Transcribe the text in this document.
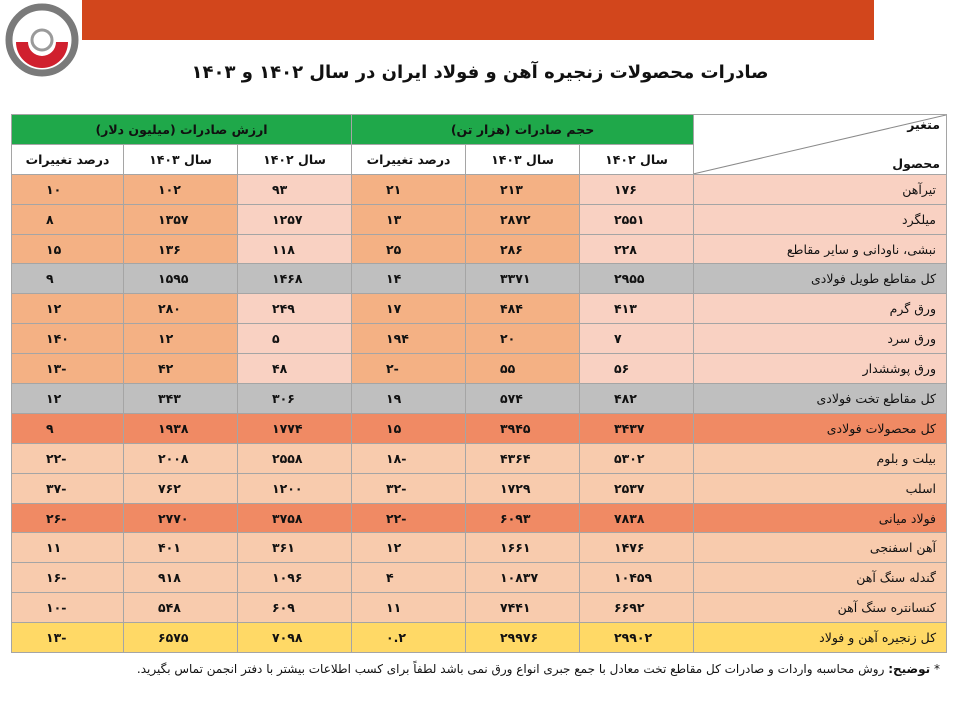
صادرات محصولات زنجیره آهن و فولاد ایران در سال ۱۴۰۲ و ۱۴۰۳
متغیر
محصول	حجم صادرات (هزار تن)			ارزش صادرات (میلیون دلار)		
	سال ۱۴۰۲	سال ۱۴۰۳	درصد تغییرات	سال ۱۴۰۲	سال ۱۴۰۳	درصد تغییرات
تیرآهن	۱۷۶	۲۱۳	۲۱	۹۳	۱۰۲	۱۰
میلگرد	۲۵۵۱	۲۸۷۲	۱۳	۱۲۵۷	۱۳۵۷	۸
نبشی، ناودانی و سایر مقاطع	۲۲۸	۲۸۶	۲۵	۱۱۸	۱۳۶	۱۵
کل مقاطع طویل فولادی	۲۹۵۵	۳۳۷۱	۱۴	۱۴۶۸	۱۵۹۵	۹
ورق گرم	۴۱۳	۴۸۴	۱۷	۲۴۹	۲۸۰	۱۲
ورق سرد	۷	۲۰	۱۹۴	۵	۱۲	۱۴۰
ورق پوششدار	۵۶	۵۵	-۲	۴۸	۴۲	-۱۳
کل مقاطع تخت فولادی	۴۸۲	۵۷۴	۱۹	۳۰۶	۳۴۳	۱۲
کل محصولات فولادی	۳۴۳۷	۳۹۴۵	۱۵	۱۷۷۴	۱۹۳۸	۹
بیلت و بلوم	۵۳۰۲	۴۳۶۴	-۱۸	۲۵۵۸	۲۰۰۸	-۲۲
اسلب	۲۵۳۷	۱۷۲۹	-۳۲	۱۲۰۰	۷۶۲	-۳۷
فولاد میانی	۷۸۳۸	۶۰۹۳	-۲۲	۳۷۵۸	۲۷۷۰	-۲۶
آهن اسفنجی	۱۴۷۶	۱۶۶۱	۱۲	۳۶۱	۴۰۱	۱۱
گندله سنگ آهن	۱۰۴۵۹	۱۰۸۳۷	۴	۱۰۹۶	۹۱۸	-۱۶
کنسانتره سنگ آهن	۶۶۹۲	۷۴۴۱	۱۱	۶۰۹	۵۴۸	-۱۰
کل زنجیره آهن و فولاد	۲۹۹۰۲	۲۹۹۷۶	۰.۲	۷۰۹۸	۶۵۷۵	-۱۳
* توضیح: روش محاسبه واردات و صادرات کل مقاطع تخت معادل با جمع جبری انواع ورق نمی باشد لطفاً برای کسب اطلاعات بیشتر با دفتر انجمن تماس بگیرید.
